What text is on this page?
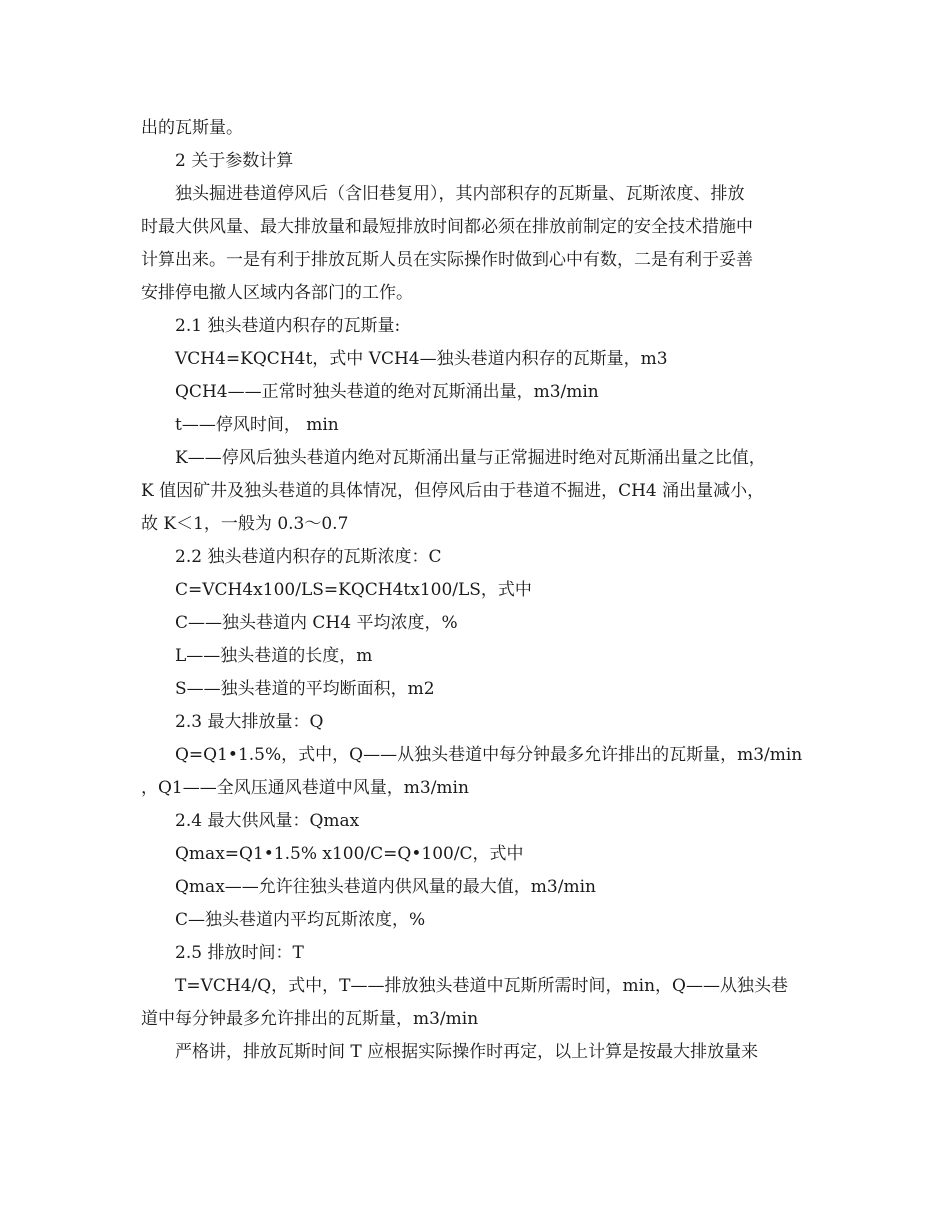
出的瓦斯量。
2 关于参数计算
独头掘进巷道停风后（含旧巷复用），其内部积存的瓦斯量、瓦斯浓度、排放
时最大供风量、最大排放量和最短排放时间都必须在排放前制定的安全技术措施中
计算出来。一是有利于排放瓦斯人员在实际操作时做到心中有数，二是有利于妥善
安排停电撤人区域内各部门的工作。
2.1 独头巷道内积存的瓦斯量:
VCH4=KQCH4t，式中 VCH4—独头巷道内积存的瓦斯量，m3
QCH4——正常时独头巷道的绝对瓦斯涌出量，m3/min
t——停风时间， min
K——停风后独头巷道内绝对瓦斯涌出量与正常掘进时绝对瓦斯涌出量之比值，
K 值因矿井及独头巷道的具体情况，但停风后由于巷道不掘进，CH4 涌出量减小，
故 K＜1，一般为 0.3～0.7
2.2 独头巷道内积存的瓦斯浓度：C
C=VCH4x100/LS=KQCH4tx100/LS，式中
C——独头巷道内 CH4 平均浓度，%
L——独头巷道的长度，m
S——独头巷道的平均断面积，m2
2.3 最大排放量：Q
Q=Q1•1.5%，式中，Q——从独头巷道中每分钟最多允许排出的瓦斯量，m3/min
，Q1——全风压通风巷道中风量，m3/min
2.4 最大供风量：Qmax
Qmax=Q1•1.5% x100/C=Q•100/C，式中
Qmax——允许往独头巷道内供风量的最大值，m3/min
C—独头巷道内平均瓦斯浓度，%
2.5 排放时间：T
T=VCH4/Q，式中，T——排放独头巷道中瓦斯所需时间，min，Q——从独头巷
道中每分钟最多允许排出的瓦斯量，m3/min
严格讲，排放瓦斯时间 T 应根据实际操作时再定，以上计算是按最大排放量来
